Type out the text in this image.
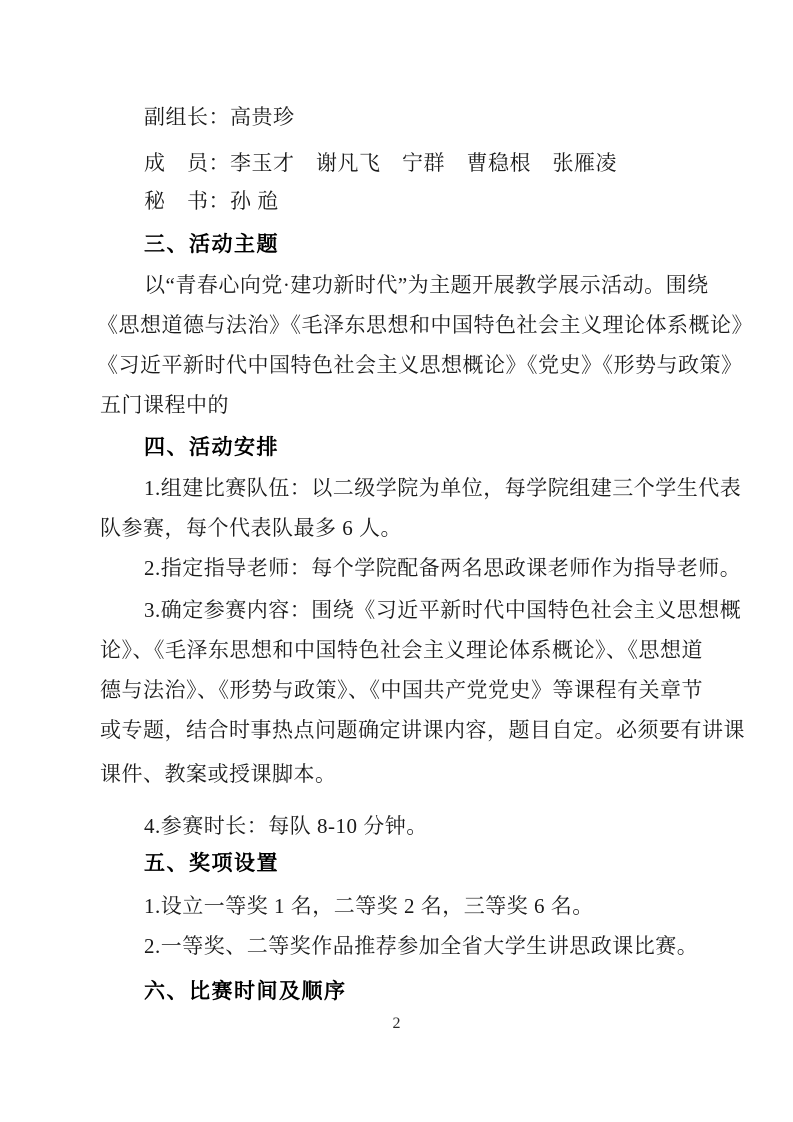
副组长：高贵珍
成　员：李玉才　谢凡飞　宁群　曹稳根　张雁凌
秘　书：孙 兘
三、活动主题
以“青春心向党·建功新时代”为主题开展教学展示活动。围绕
《思想道德与法治》《毛泽东思想和中国特色社会主义理论体系概论》
《习近平新时代中国特色社会主义思想概论》《党史》《形势与政策》
五门课程中的
四、活动安排
1.组建比赛队伍：以二级学院为单位，每学院组建三个学生代表
队参赛，每个代表队最多 6 人。
2.指定指导老师：每个学院配备两名思政课老师作为指导老师。
3.确定参赛内容：围绕《习近平新时代中国特色社会主义思想概
论》、《毛泽东思想和中国特色社会主义理论体系概论》、《思想道
德与法治》、《形势与政策》、《中国共产党党史》等课程有关章节
或专题，结合时事热点问题确定讲课内容，题目自定。必须要有讲课
课件、教案或授课脚本。
4.参赛时长：每队 8-10 分钟。
五、奖项设置
1.设立一等奖 1 名，二等奖 2 名，三等奖 6 名。
2.一等奖、二等奖作品推荐参加全省大学生讲思政课比赛。
六、比赛时间及顺序
2
